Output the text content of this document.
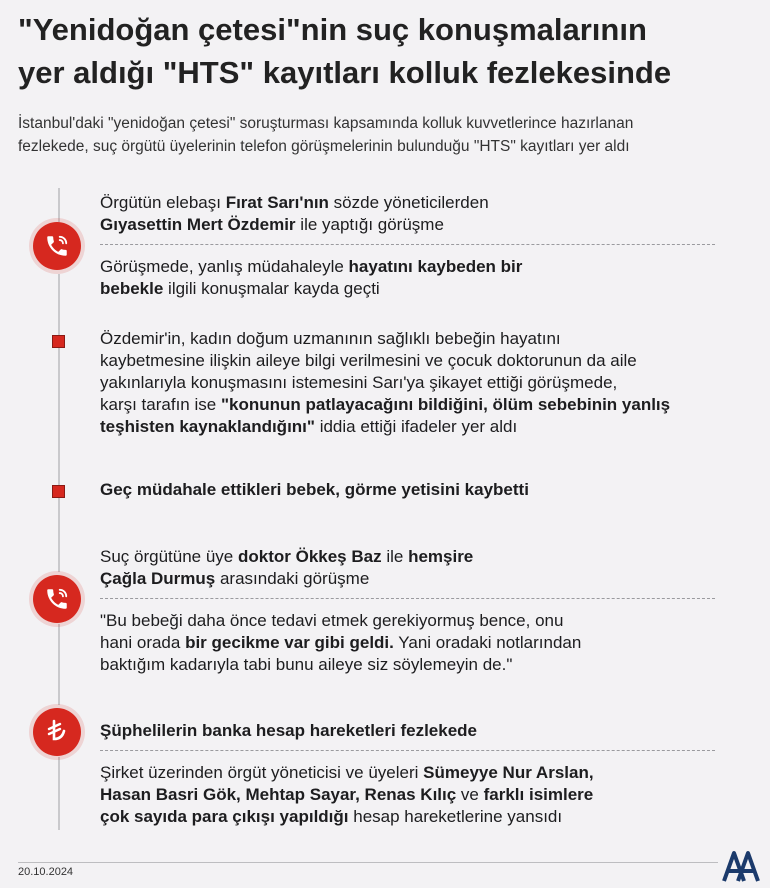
"Yenidoğan çetesi"nin suç konuşmalarının
yer aldığı "HTS" kayıtları kolluk fezlekesinde

İstanbul'daki "yenidoğan çetesi" soruşturması kapsamında kolluk kuvvetlerince hazırlanan
fezlekede, suç örgütü üyelerinin telefon görüşmelerinin bulunduğu "HTS" kayıtları yer aldı

Örgütün elebaşı Fırat Sarı'nın sözde yöneticilerden
Gıyasettin Mert Özdemir ile yaptığı görüşme
Görüşmede, yanlış müdahaleyle hayatını kaybeden bir
bebekle ilgili konuşmalar kayda geçti
Özdemir'in, kadın doğum uzmanının sağlıklı bebeğin hayatını
kaybetmesine ilişkin aileye bilgi verilmesini ve çocuk doktorunun da aile
yakınlarıyla konuşmasını istemesini Sarı'ya şikayet ettiği görüşmede,
karşı tarafın ise "konunun patlayacağını bildiğini, ölüm sebebinin yanlış
teşhisten kaynaklandığını" iddia ettiği ifadeler yer aldı
Geç müdahale ettikleri bebek, görme yetisini kaybetti
Suç örgütüne üye doktor Ökkeş Baz ile hemşire
Çağla Durmuş arasındaki görüşme
"Bu bebeği daha önce tedavi etmek gerekiyormuş bence, onu
hani orada bir gecikme var gibi geldi. Yani oradaki notlarından
baktığım kadarıyla tabi bunu aileye siz söylemeyin de."
Şüphelilerin banka hesap hareketleri fezlekede
Şirket üzerinden örgüt yöneticisi ve üyeleri Sümeyye Nur Arslan,
Hasan Basri Gök, Mehtap Sayar, Renas Kılıç ve farklı isimlere
çok sayıda para çıkışı yapıldığı hesap hareketlerine yansıdı
20.10.2024
